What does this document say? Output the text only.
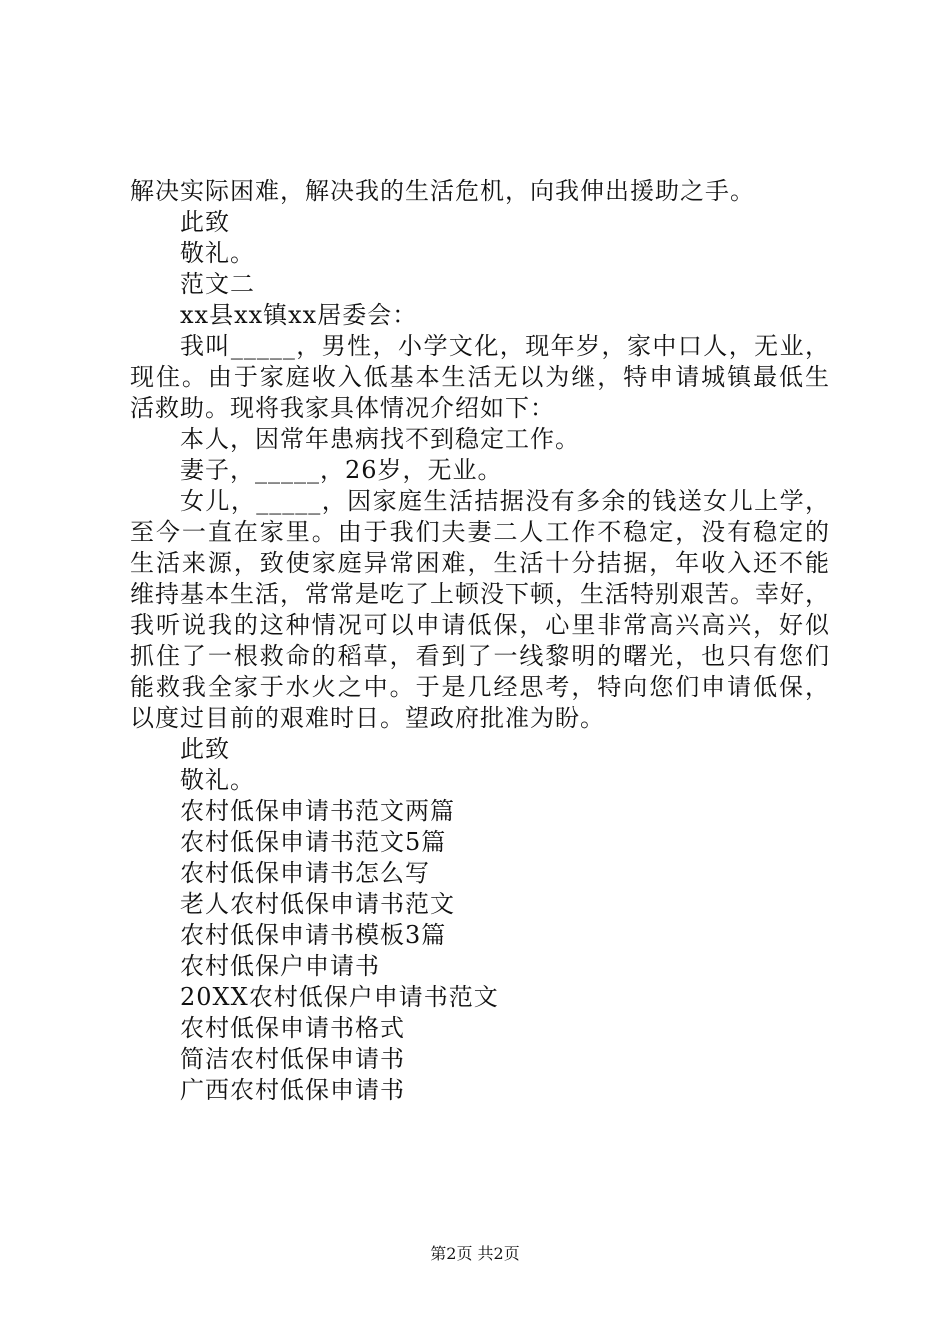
解决实际困难，解决我的生活危机，向我伸出援助之手。
此致
敬礼。
范文二
xx县xx镇xx居委会：
我叫_____，男性，小学文化，现年岁，家中口人，无业，
现住。由于家庭收入低基本生活无以为继，特申请城镇最低生
活救助。现将我家具体情况介绍如下：
本人，因常年患病找不到稳定工作。
妻子，_____，26岁，无业。
女儿，_____，因家庭生活拮据没有多余的钱送女儿上学，
至今一直在家里。由于我们夫妻二人工作不稳定，没有稳定的
生活来源，致使家庭异常困难，生活十分拮据，年收入还不能
维持基本生活，常常是吃了上顿没下顿，生活特别艰苦。幸好，
我听说我的这种情况可以申请低保，心里非常高兴高兴，好似
抓住了一根救命的稻草，看到了一线黎明的曙光，也只有您们
能救我全家于水火之中。于是几经思考，特向您们申请低保，
以度过目前的艰难时日。望政府批准为盼。
此致
敬礼。
农村低保申请书范文两篇
农村低保申请书范文5篇
农村低保申请书怎么写
老人农村低保申请书范文
农村低保申请书模板3篇
农村低保户申请书
20XX农村低保户申请书范文
农村低保申请书格式
简洁农村低保申请书
广西农村低保申请书
第2页 共2页
